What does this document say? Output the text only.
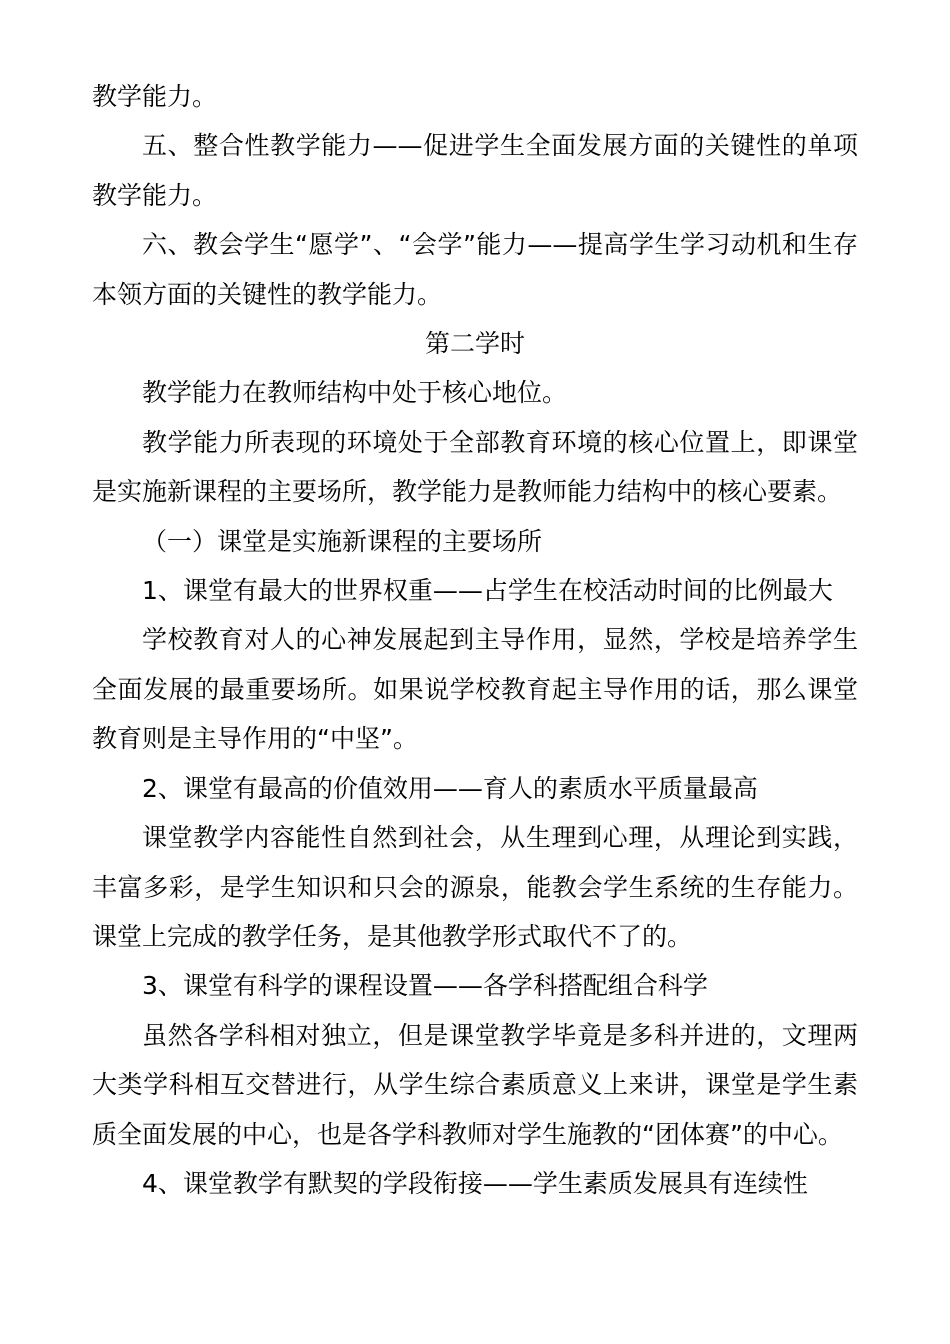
教学能力。

五、整合性教学能力——促进学生全面发展方面的关键性的单项教学能力。

六、教会学生“愿学”、“会学”能力——提高学生学习动机和生存本领方面的关键性的教学能力。

第二学时

教学能力在教师结构中处于核心地位。

教学能力所表现的环境处于全部教育环境的核心位置上，即课堂是实施新课程的主要场所，教学能力是教师能力结构中的核心要素。

（一）课堂是实施新课程的主要场所

1、课堂有最大的世界权重——占学生在校活动时间的比例最大

学校教育对人的心神发展起到主导作用，显然，学校是培养学生全面发展的最重要场所。如果说学校教育起主导作用的话，那么课堂教育则是主导作用的“中坚”。

2、课堂有最高的价值效用——育人的素质水平质量最高

课堂教学内容能性自然到社会，从生理到心理，从理论到实践，丰富多彩，是学生知识和只会的源泉，能教会学生系统的生存能力。课堂上完成的教学任务，是其他教学形式取代不了的。

3、课堂有科学的课程设置——各学科搭配组合科学

虽然各学科相对独立，但是课堂教学毕竟是多科并进的，文理两大类学科相互交替进行，从学生综合素质意义上来讲，课堂是学生素质全面发展的中心，也是各学科教师对学生施教的“团体赛”的中心。

4、课堂教学有默契的学段衔接——学生素质发展具有连续性
